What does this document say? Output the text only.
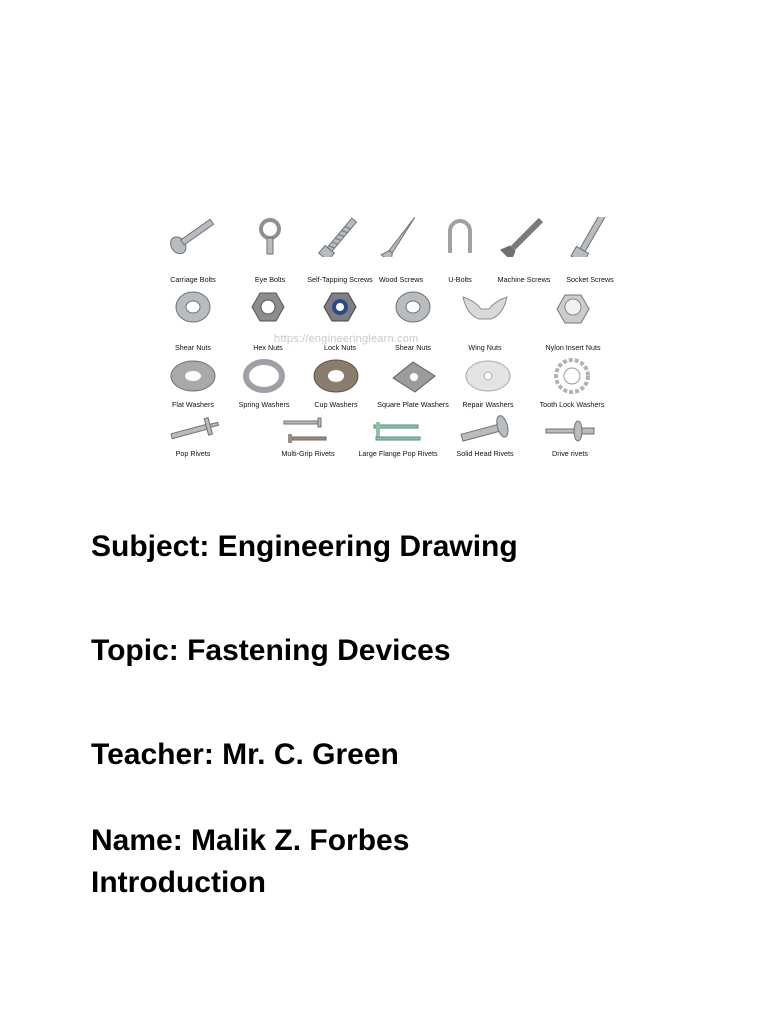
https://engineeringlearn.com
Carriage Bolts	Eye Bolts	Self-Tapping Screws Wood Screws	U-Bolts	Machine Screws	Socket Screws
Shear Nuts	Hex Nuts	Lock Nuts	Shear Nuts	Wing Nuts	Nylon Insert Nuts
Flat Washers	Spring Washers	Cup Washers	Square Plate Washers	Repair Washers	Tooth Lock Washers
Pop Rivets	Multi-Grip Rivets	Large Flange Pop Rivets	Solid Head Rivets	Drive rivets
Subject: Engineering Drawing
Topic: Fastening Devices
Teacher: Mr. C. Green
Name: Malik Z. Forbes
Introduction
